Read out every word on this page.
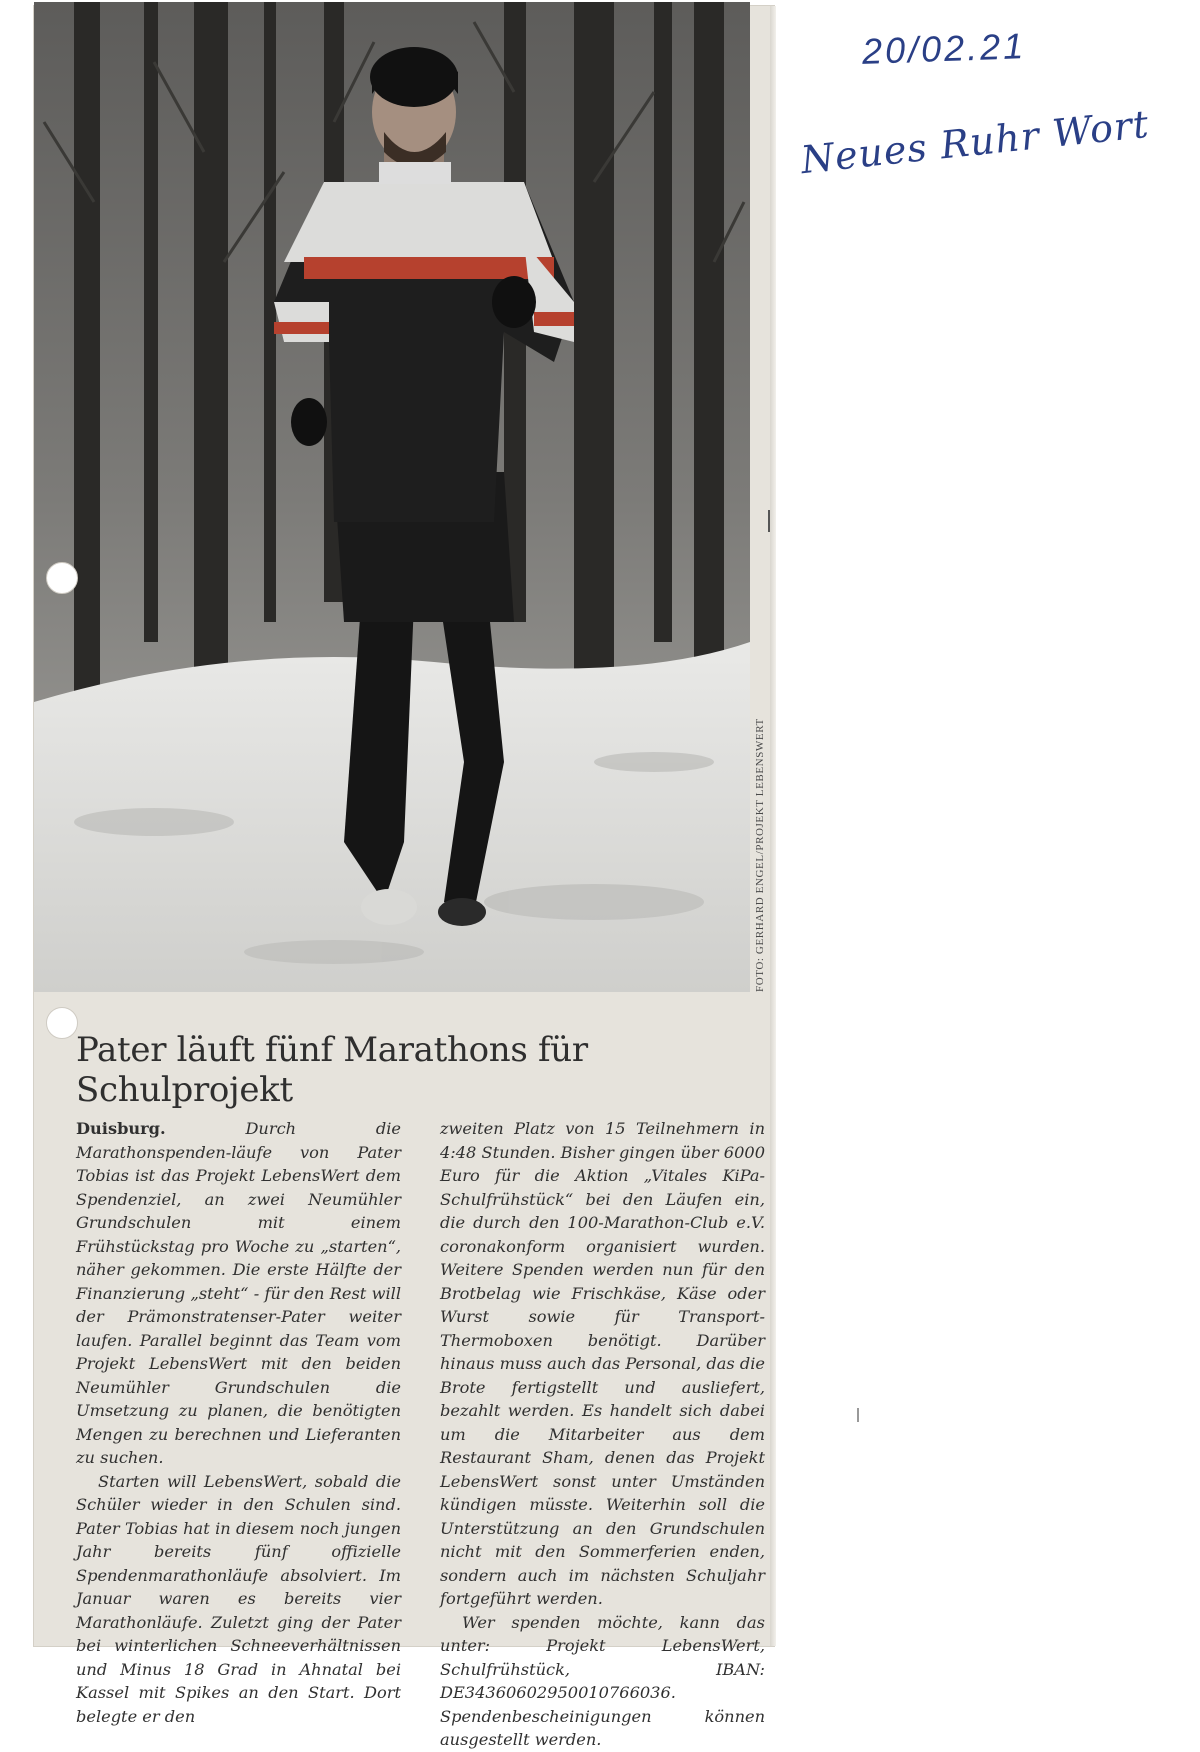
20/02.21
Neues Ruhr Wort
FOTO: GERHARD ENGEL/PROJEKT LEBENSWERT
Pater läuft fünf Marathons für Schulprojekt

Duisburg.	Durch die Marathonspenden-läufe von Pater Tobias ist das Projekt LebensWert dem Spendenziel, an zwei Neumühler Grundschulen mit einem Frühstückstag pro Woche zu „starten“, näher gekommen. Die erste Hälfte der Finanzierung „steht“ - für den Rest will der Prämonstratenser-Pater weiter laufen. Parallel beginnt das Team vom Projekt LebensWert mit den beiden Neumühler Grundschulen die Umsetzung zu planen, die benötigten Mengen zu berechnen und Lieferanten zu suchen.

Starten will LebensWert, sobald die Schüler wieder in den Schulen sind. Pater Tobias hat in diesem noch jungen Jahr bereits fünf offizielle Spendenmarathonläufe absolviert. Im Januar waren es bereits vier Marathonläufe. Zuletzt ging der Pater bei winterlichen Schneeverhältnissen und Minus 18 Grad in Ahnatal bei Kassel mit Spikes an den Start. Dort belegte er den

zweiten Platz von 15 Teilnehmern in 4:48 Stunden. Bisher gingen über 6000 Euro für die Aktion „Vitales KiPa-Schulfrühstück“ bei den Läufen ein, die durch den 100-Marathon-Club e.V. coronakonform organisiert wurden. Weitere Spenden werden nun für den Brotbelag wie Frischkäse, Käse oder Wurst sowie für Transport-Thermoboxen benötigt. Darüber hinaus muss auch das Personal, das die Brote fertigstellt und ausliefert, bezahlt werden. Es handelt sich dabei um die Mitarbeiter aus dem Restaurant Sham, denen das Projekt LebensWert sonst unter Umständen kündigen müsste. Weiterhin soll die Unterstützung an den Grundschulen nicht mit den Sommerferien enden, sondern auch im nächsten Schuljahr fortgeführt werden.

Wer spenden möchte, kann das unter: Projekt LebensWert, Schulfrühstück, IBAN: DE34360602950010766036. Spendenbescheinigungen können ausgestellt werden.
